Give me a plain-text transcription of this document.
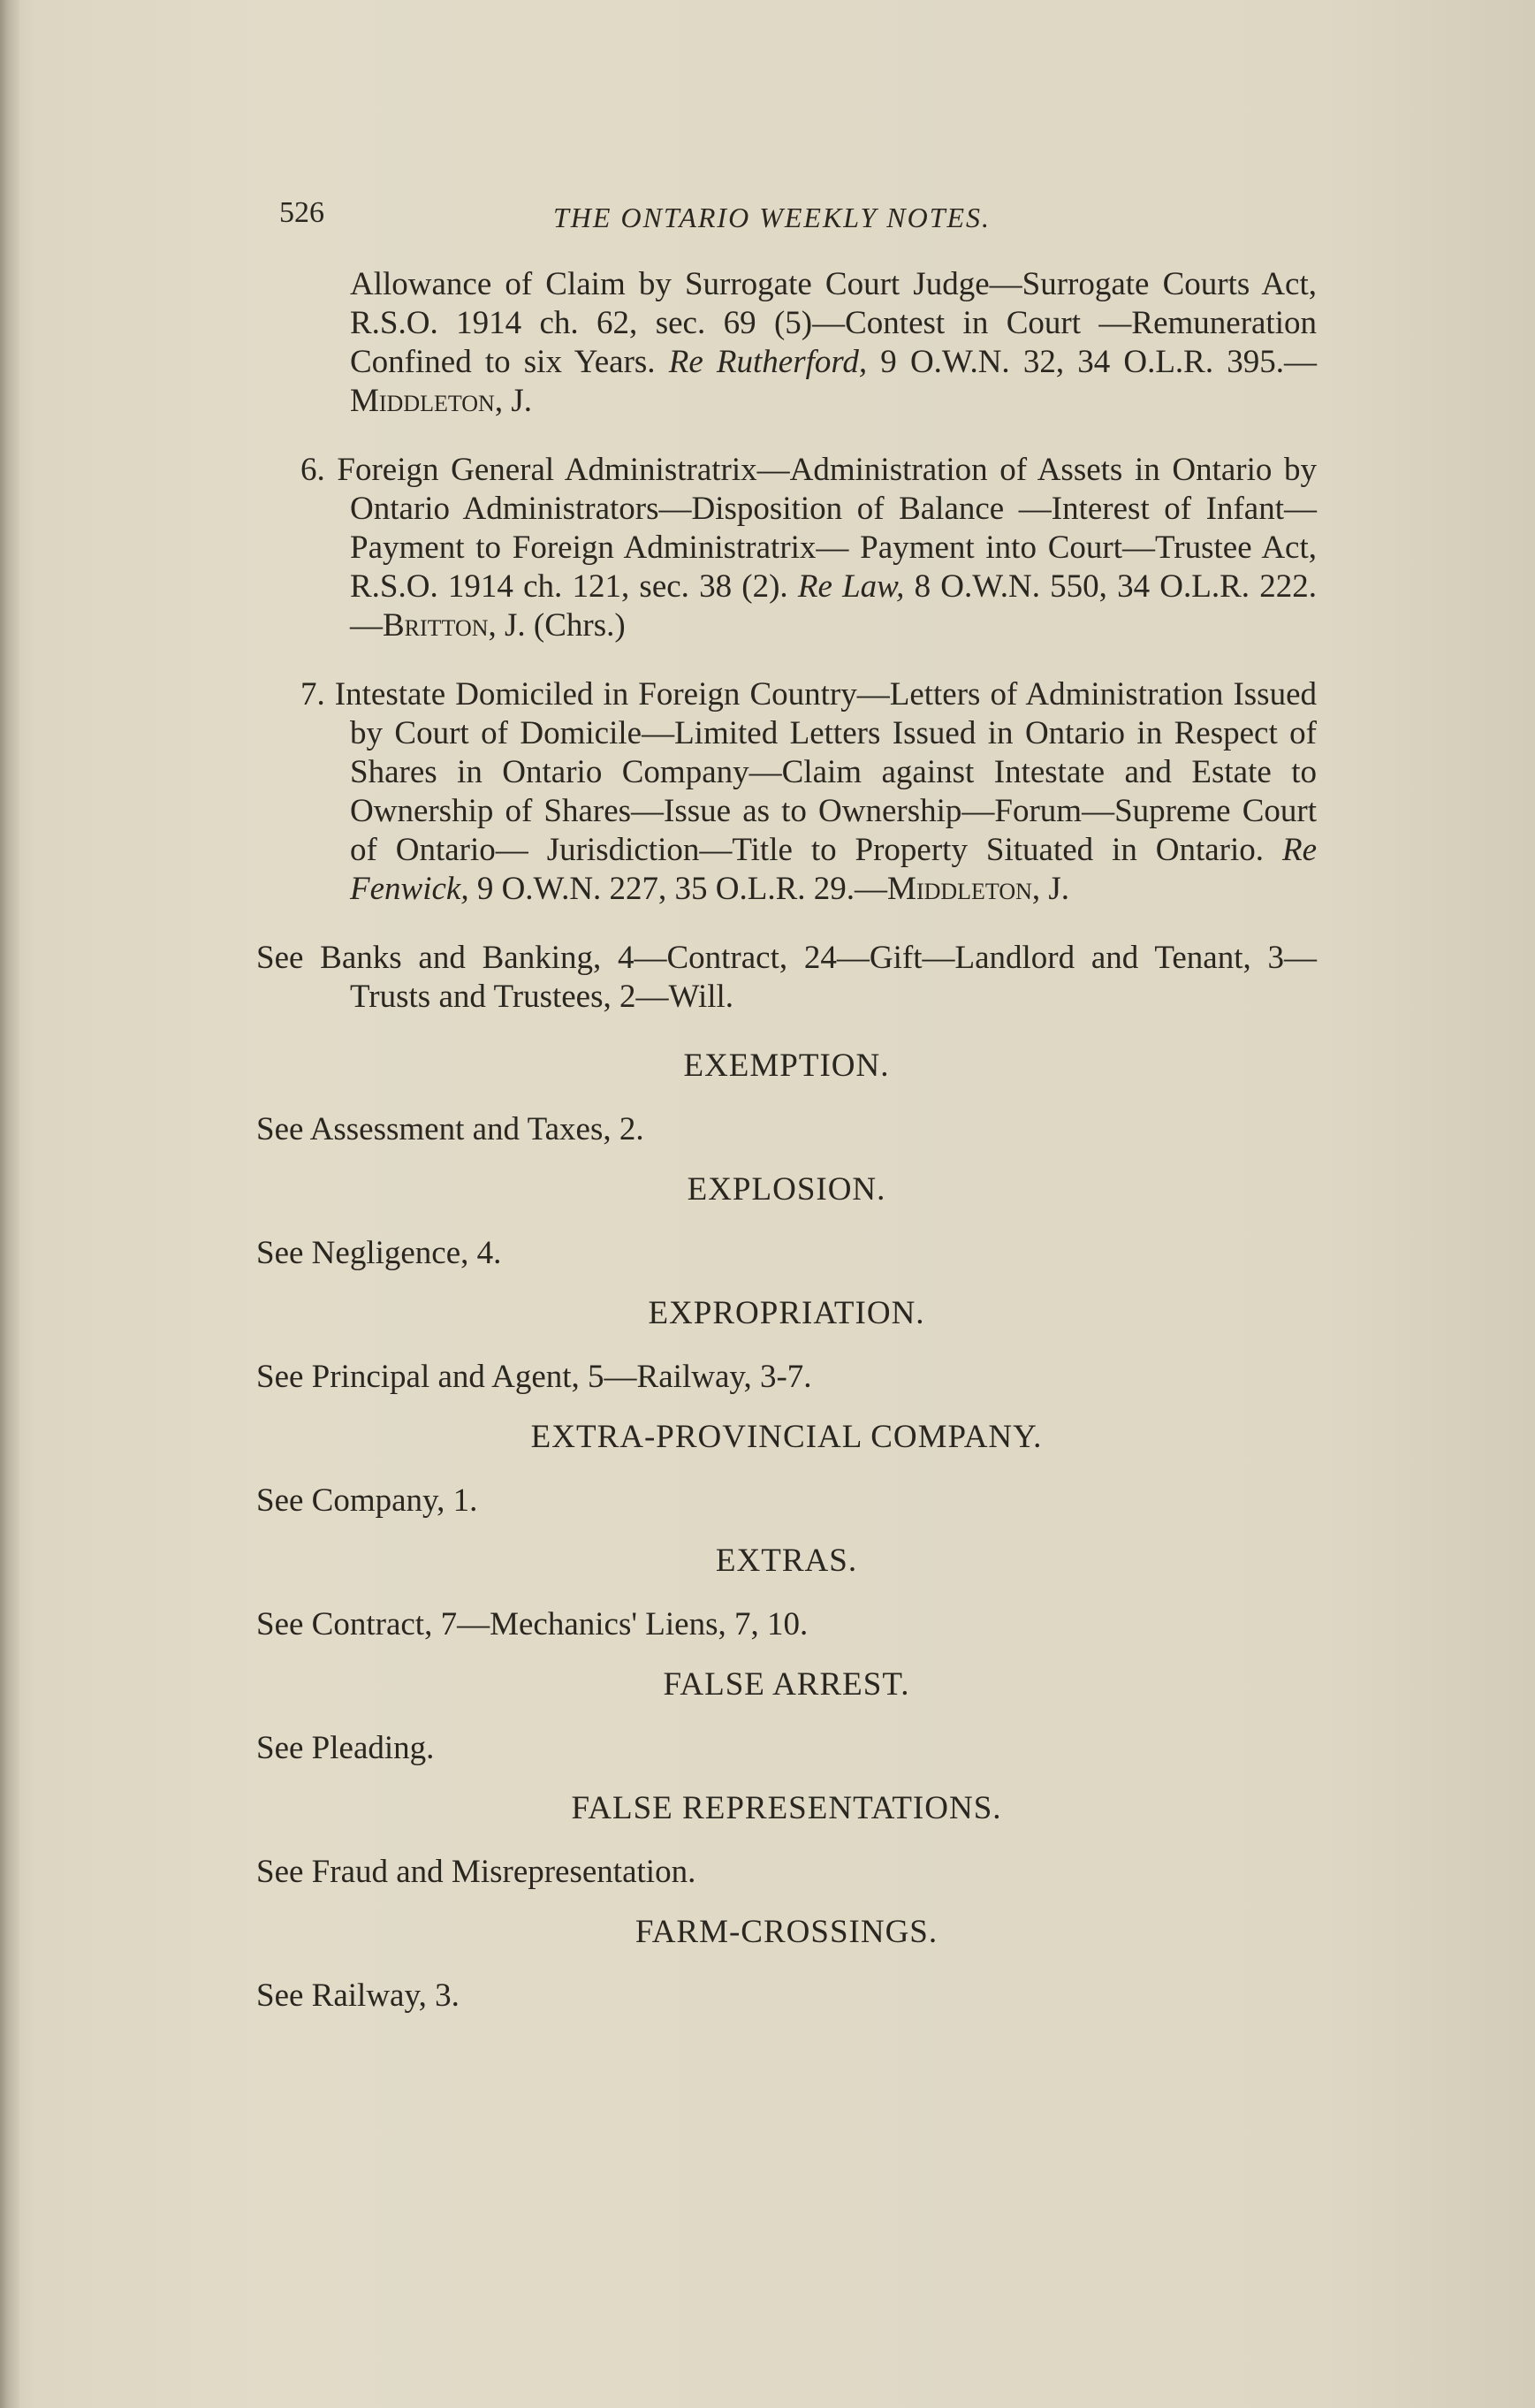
526	THE ONTARIO WEEKLY NOTES.

Allowance of Claim by Surrogate Court Judge—Surrogate Courts Act, R.S.O. 1914 ch. 62, sec. 69 (5)—Contest in Court —Remuneration Confined to six Years. Re Rutherford, 9 O.W.N. 32, 34 O.L.R. 395.—Middleton, J.

6. Foreign General Administratrix—Administration of Assets in Ontario by Ontario Administrators—Disposition of Balance —Interest of Infant—Payment to Foreign Administratrix— Payment into Court—Trustee Act, R.S.O. 1914 ch. 121, sec. 38 (2). Re Law, 8 O.W.N. 550, 34 O.L.R. 222.—Britton, J. (Chrs.)

7. Intestate Domiciled in Foreign Country—Letters of Administration Issued by Court of Domicile—Limited Letters Issued in Ontario in Respect of Shares in Ontario Company—Claim against Intestate and Estate to Ownership of Shares—Issue as to Ownership—Forum—Supreme Court of Ontario— Jurisdiction—Title to Property Situated in Ontario. Re Fenwick, 9 O.W.N. 227, 35 O.L.R. 29.—Middleton, J.

See Banks and Banking, 4—Contract, 24—Gift—Landlord and Tenant, 3—Trusts and Trustees, 2—Will.

EXEMPTION.
See Assessment and Taxes, 2.
EXPLOSION.
See Negligence, 4.
EXPROPRIATION.
See Principal and Agent, 5—Railway, 3-7.
EXTRA-PROVINCIAL COMPANY.
See Company, 1.
EXTRAS.
See Contract, 7—Mechanics' Liens, 7, 10.
FALSE ARREST.
See Pleading.
FALSE REPRESENTATIONS.
See Fraud and Misrepresentation.
FARM-CROSSINGS.
See Railway, 3.
